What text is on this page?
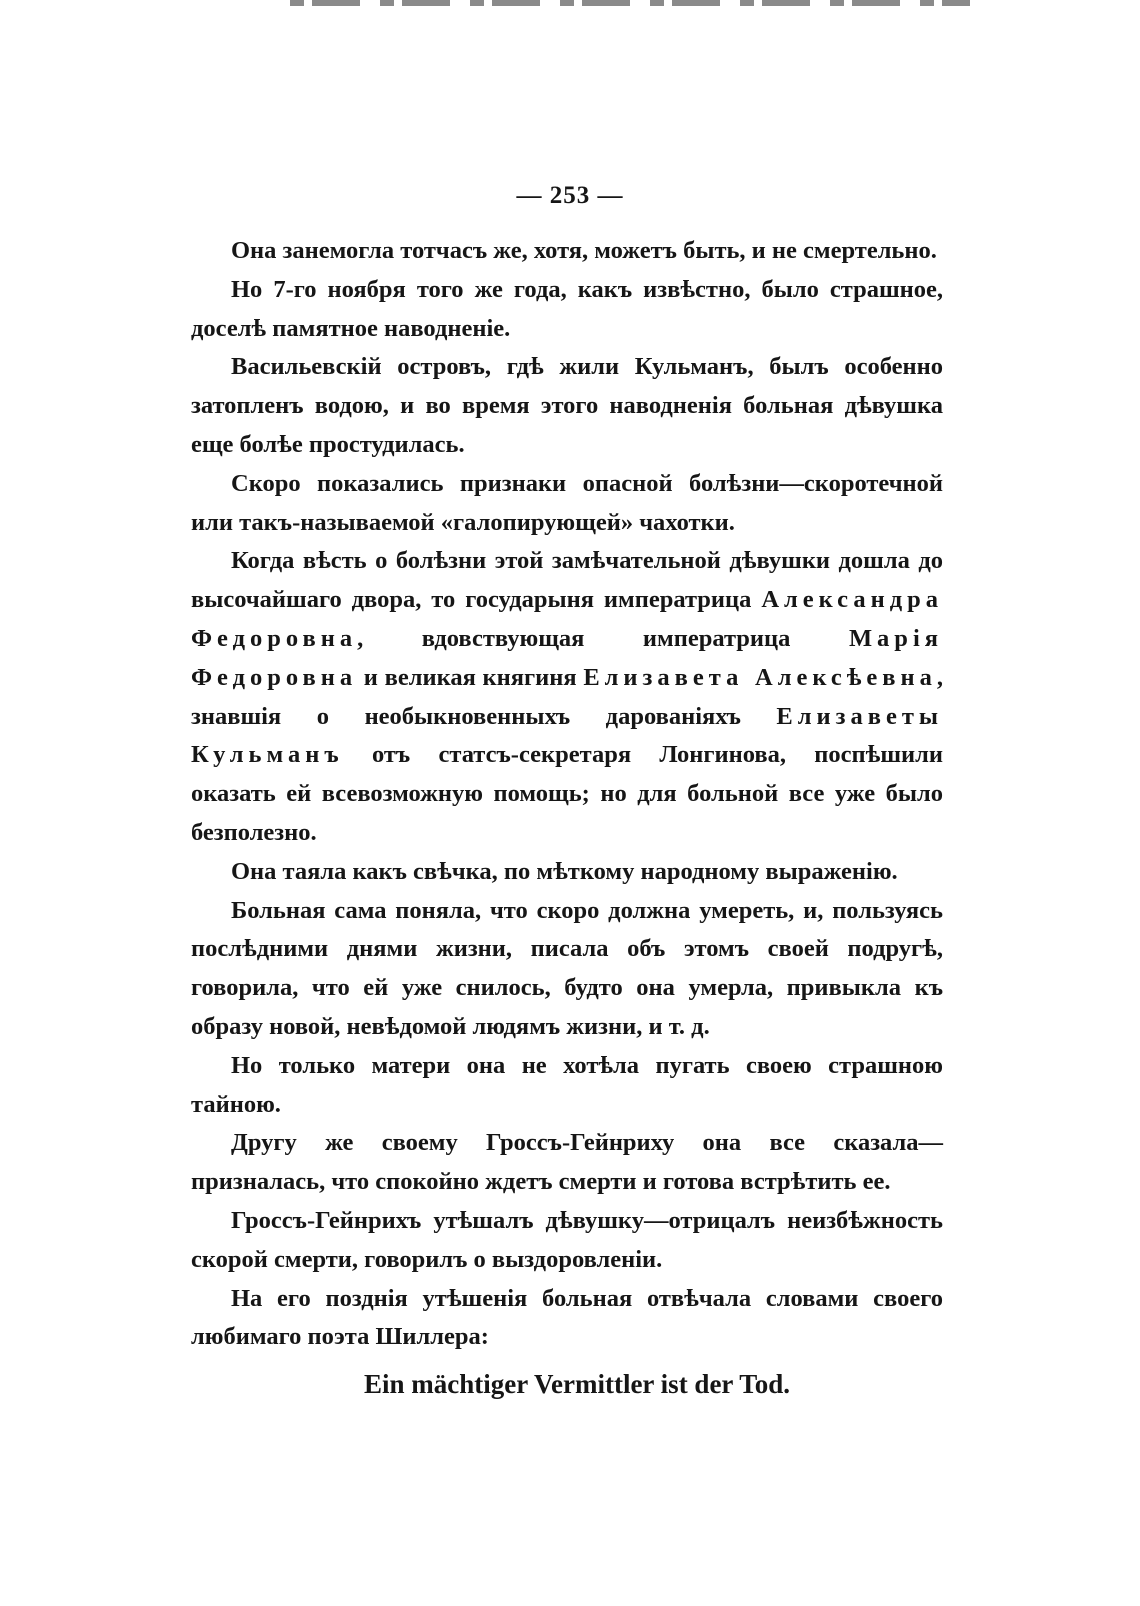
— 253 —

Она занемогла тотчасъ же, хотя, можетъ быть, и не смертельно.

Но 7-го ноября того же года, какъ извѣстно, было страшное, доселѣ памятное наводненіе.

Васильевскій островъ, гдѣ жили Кульманъ, былъ особенно затопленъ водою, и во время этого наводненія больная дѣвушка еще болѣе простудилась.

Скоро показались признаки опасной болѣзни—скоротечной или такъ-называемой «галопирующей» чахотки.

Когда вѣсть о болѣзни этой замѣчательной дѣвушки дошла до высочайшаго двора, то государыня императрица Александра Федоровна, вдовствующая императрица Марія Федоровна и великая княгиня Елизавета Алексѣевна, знавшія о необыкновенныхъ дарованіяхъ Елизаветы Кульманъ отъ статсъ-секретаря Лонгинова, поспѣшили оказать ей всевозможную помощь; но для больной все уже было безполезно.

Она таяла какъ свѣчка, по мѣткому народному выраженію.

Больная сама поняла, что скоро должна умереть, и, пользуясь послѣдними днями жизни, писала объ этомъ своей подругѣ, говорила, что ей уже снилось, будто она умерла, привыкла къ образу новой, невѣдомой людямъ жизни, и т. д.

Но только матери она не хотѣла пугать своею страшною тайною.

Другу же своему Гроссъ-Гейнриху она все сказала—призналась, что спокойно ждетъ смерти и готова встрѣтить ее.

Гроссъ-Гейнрихъ утѣшалъ дѣвушку—отрицалъ неизбѣжность скорой смерти, говорилъ о выздоровленіи.

На его позднія утѣшенія больная отвѣчала словами своего любимаго поэта Шиллера:

Ein mächtiger Vermittler ist der Tod.
